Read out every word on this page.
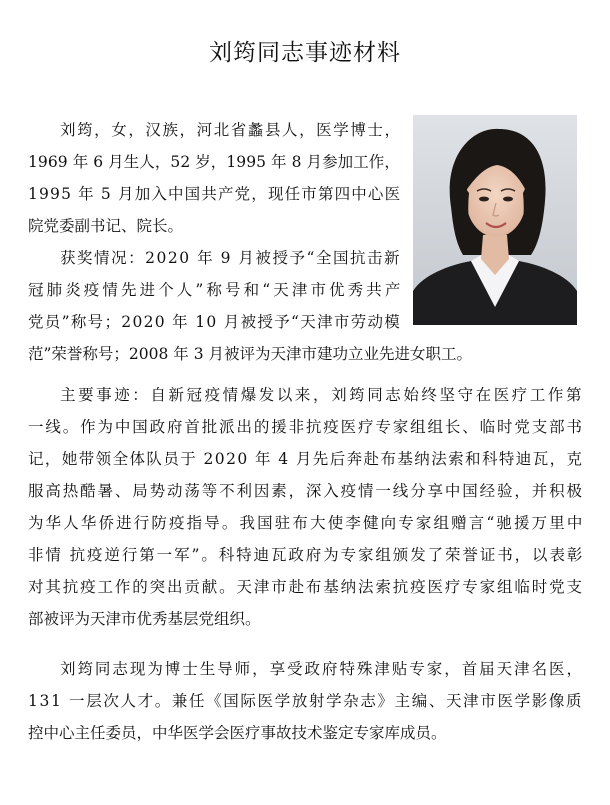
刘筠同志事迹材料
刘筠，女，汉族，河北省蠡县人，医学博士，
1969 年 6 月生人，52 岁，1995 年 8 月参加工作，
1995 年 5 月加入中国共产党，现任市第四中心医
院党委副书记、院长。
获奖情况：2020 年 9 月被授予“全国抗击新
冠肺炎疫情先进个人”称号和“天津市优秀共产
党员”称号；2020 年 10 月被授予“天津市劳动模
范”荣誉称号；2008 年 3 月被评为天津市建功立业先进女职工。
主要事迹：自新冠疫情爆发以来，刘筠同志始终坚守在医疗工作第
一线。作为中国政府首批派出的援非抗疫医疗专家组组长、临时党支部书
记，她带领全体队员于 2020 年 4 月先后奔赴布基纳法索和科特迪瓦，克
服高热酷暑、局势动荡等不利因素，深入疫情一线分享中国经验，并积极
为华人华侨进行防疫指导。我国驻布大使李健向专家组赠言“驰援万里中
非情 抗疫逆行第一军”。科特迪瓦政府为专家组颁发了荣誉证书，以表彰
对其抗疫工作的突出贡献。天津市赴布基纳法索抗疫医疗专家组临时党支
部被评为天津市优秀基层党组织。
刘筠同志现为博士生导师，享受政府特殊津贴专家，首届天津名医，
131 一层次人才。兼任《国际医学放射学杂志》主编、天津市医学影像质
控中心主任委员，中华医学会医疗事故技术鉴定专家库成员。
